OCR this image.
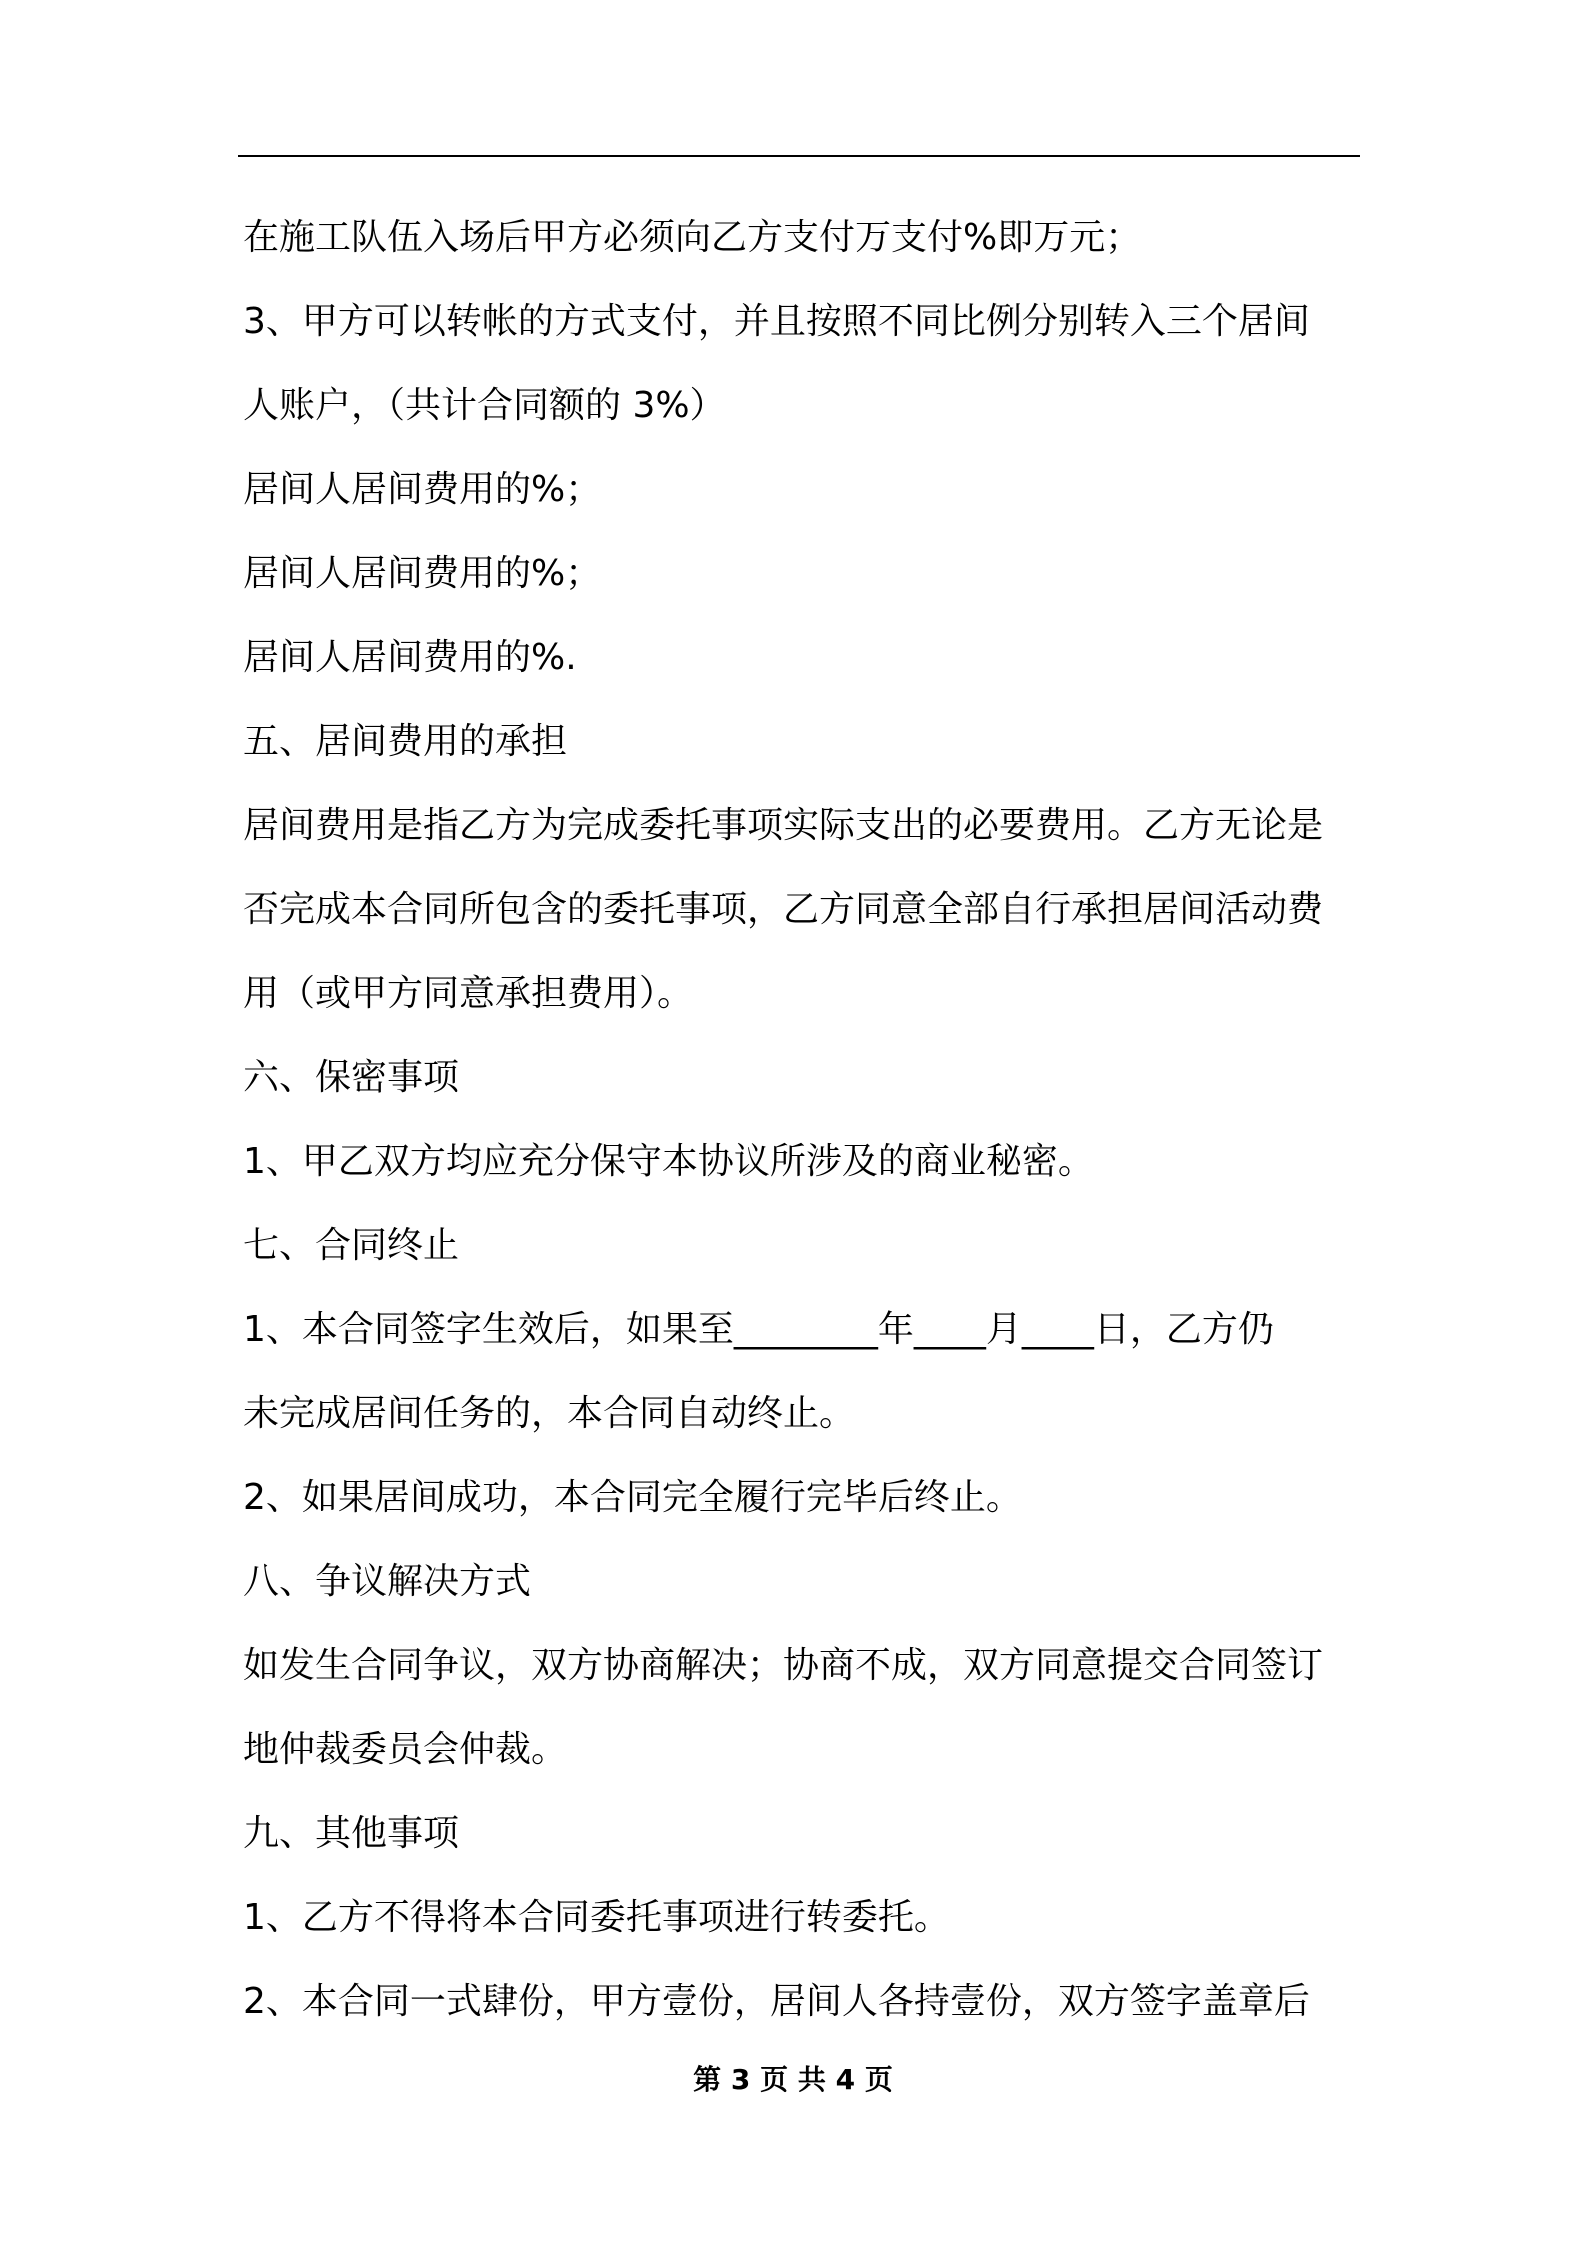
在施工队伍入场后甲方必须向乙方支付万支付%即万元；
3、甲方可以转帐的方式支付，并且按照不同比例分别转入三个居间
人账户，（共计合同额的 3%）
居间人居间费用的%；
居间人居间费用的%；
居间人居间费用的%.
五、居间费用的承担
居间费用是指乙方为完成委托事项实际支出的必要费用。乙方无论是
否完成本合同所包含的委托事项，乙方同意全部自行承担居间活动费
用（或甲方同意承担费用）。
六、保密事项
1、甲乙双方均应充分保守本协议所涉及的商业秘密。
七、合同终止
1、本合同签字生效后，如果至________年____月____日，乙方仍
未完成居间任务的，本合同自动终止。
2、如果居间成功，本合同完全履行完毕后终止。
八、争议解决方式
如发生合同争议，双方协商解决；协商不成，双方同意提交合同签订
地仲裁委员会仲裁。
九、其他事项
1、乙方不得将本合同委托事项进行转委托。
2、本合同一式肆份，甲方壹份，居间人各持壹份，双方签字盖章后
第 3 页 共 4 页
